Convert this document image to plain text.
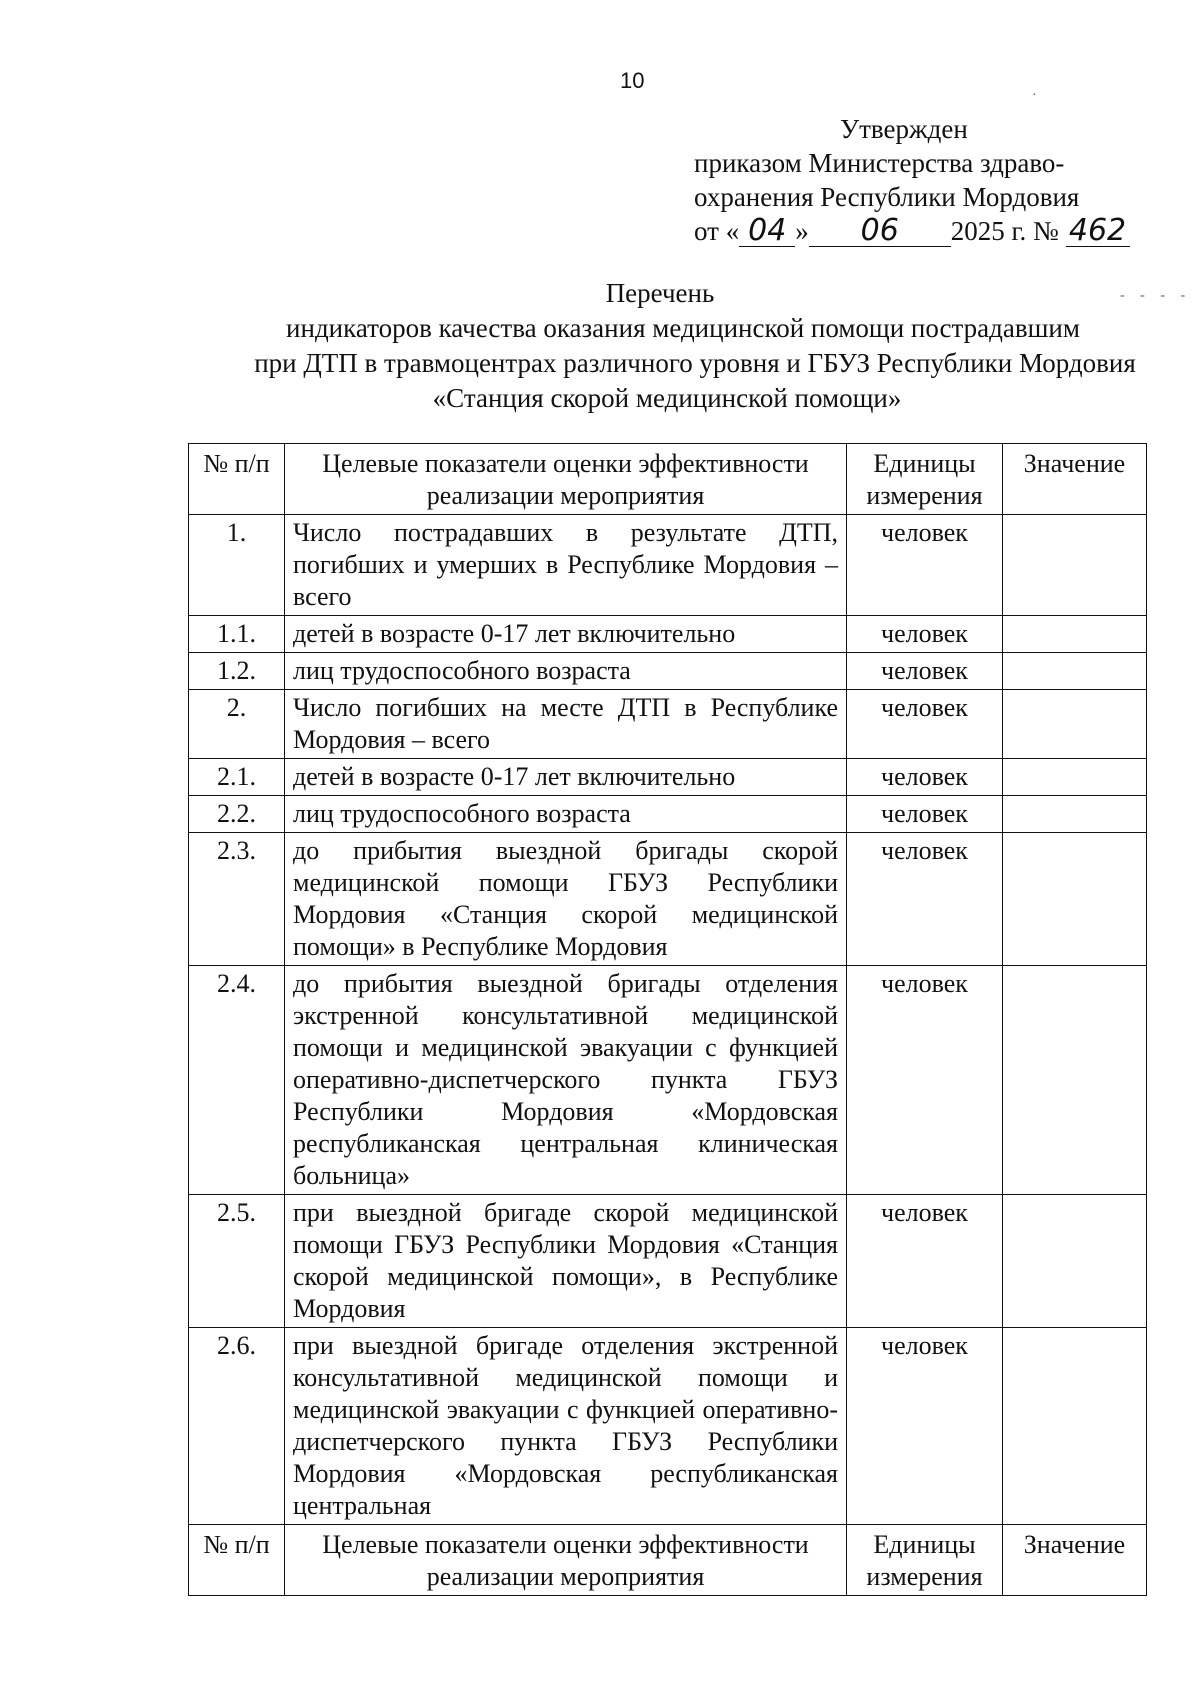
10
·
- - - -
Утвержден
приказом Министерства здраво-
охранения Республики Мордовия
от « 04 » 06 2025 г. № 462
Перечень
индикаторов качества оказания медицинской помощи пострадавшим
при ДТП в травмоцентрах различного уровня и ГБУЗ Республики Мордовия
«Станция скорой медицинской помощи»
№ п/п	Целевые показатели оценки эффективности реализации мероприятия	Единицы измерения	Значение
1.	Число пострадавших в результате ДТП, погибших и умерших в Республике Мордовия – всего	человек	
1.1.	детей в возрасте 0-17 лет включительно	человек	
1.2.	лиц трудоспособного возраста	человек	
2.	Число погибших на месте ДТП в Республике Мордовия – всего	человек	
2.1.	детей в возрасте 0-17 лет включительно	человек	
2.2.	лиц трудоспособного возраста	человек	
2.3.	до прибытия выездной бригады скорой медицинской помощи ГБУЗ Республики Мордовия «Станция скорой медицинской помощи» в Республике Мордовия	человек	
2.4.	до прибытия выездной бригады отделения экстренной консультативной медицинской помощи и медицинской эвакуации с функцией оперативно-диспетчерского пункта ГБУЗ Республики Мордовия «Мордовская республиканская центральная клиническая больница»	человек	
2.5.	при выездной бригаде скорой медицинской помощи ГБУЗ Республики Мордовия «Станция скорой медицинской помощи», в Республике Мордовия	человек	
2.6.	при выездной бригаде отделения экстренной консультативной медицинской помощи и медицинской эвакуации с функцией оперативно-диспетчерского пункта ГБУЗ Республики Мордовия «Мордовская республиканская центральная	человек	
№ п/п	Целевые показатели оценки эффективности реализации мероприятия	Единицы измерения	Значение
